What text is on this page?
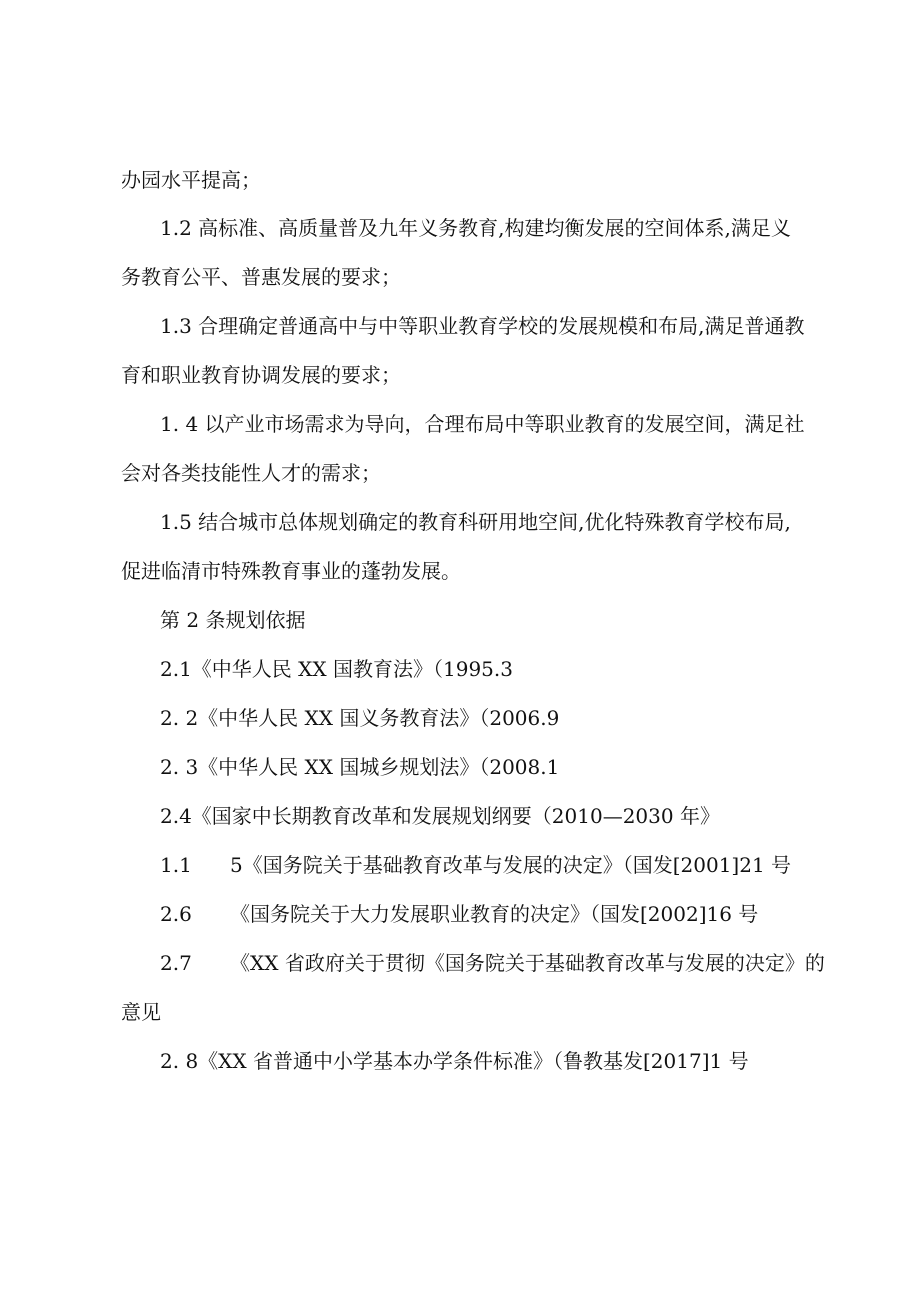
办园水平提高；
1.2 高标准、高质量普及九年义务教育,构建均衡发展的空间体系,满足义
务教育公平、普惠发展的要求；
1.3 合理确定普通高中与中等职业教育学校的发展规模和布局,满足普通教
育和职业教育协调发展的要求；
1. 4 以产业市场需求为导向，合理布局中等职业教育的发展空间，满足社
会对各类技能性人才的需求；
1.5 结合城市总体规划确定的教育科研用地空间,优化特殊教育学校布局,
促进临清市特殊教育事业的蓬勃发展。
第 2 条规划依据
2.1《中华人民 XX 国教育法》（1995.3
2. 2《中华人民 XX 国义务教育法》（2006.9
2. 3《中华人民 XX 国城乡规划法》（2008.1
2.4《国家中长期教育改革和发展规划纲要（2010—2030 年》
1.1 5《国务院关于基础教育改革与发展的决定》（国发[2001]21 号
2.6 《国务院关于大力发展职业教育的决定》（国发[2002]16 号
2.7 《XX 省政府关于贯彻《国务院关于基础教育改革与发展的决定》的
意见
2. 8《XX 省普通中小学基本办学条件标准》（鲁教基发[2017]1 号
